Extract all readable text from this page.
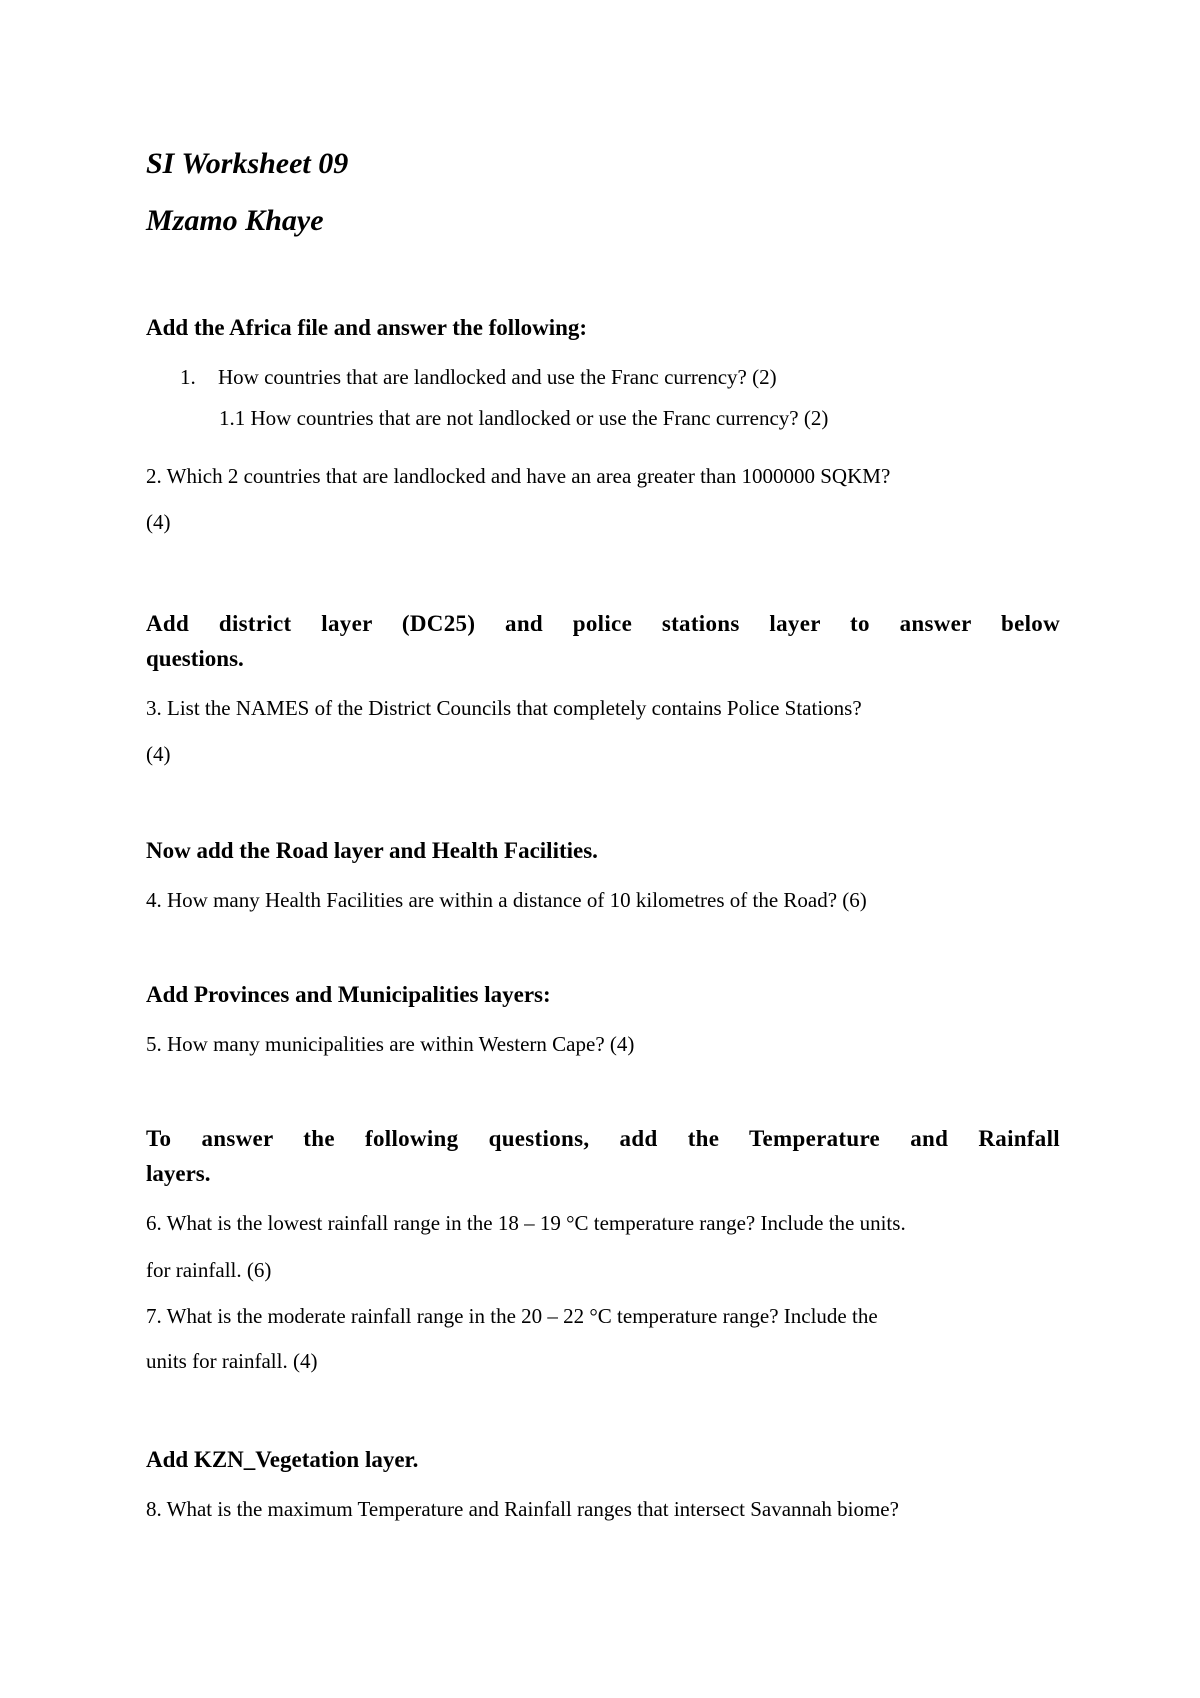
SI Worksheet 09

Mzamo Khaye

Add the Africa file and answer the following:

1. How countries that are landlocked and use the Franc currency? (2)

1.1 How countries that are not landlocked or use the Franc currency? (2)

2. Which 2 countries that are landlocked and have an area greater than 1000000 SQKM?

(4)

Add district layer (DC25) and police stations layer to answer below

questions.

3. List the NAMES of the District Councils that completely contains Police Stations?

(4)

Now add the Road layer and Health Facilities.

4. How many Health Facilities are within a distance of 10 kilometres of the Road? (6)

Add Provinces and Municipalities layers:

5. How many municipalities are within Western Cape? (4)

To answer the following questions, add the Temperature and Rainfall

layers.

6. What is the lowest rainfall range in the 18 – 19 °C temperature range? Include the units.

for rainfall. (6)

7. What is the moderate rainfall range in the 20 – 22 °C temperature range? Include the

units for rainfall. (4)

Add KZN_Vegetation layer.

8. What is the maximum Temperature and Rainfall ranges that intersect Savannah biome?
